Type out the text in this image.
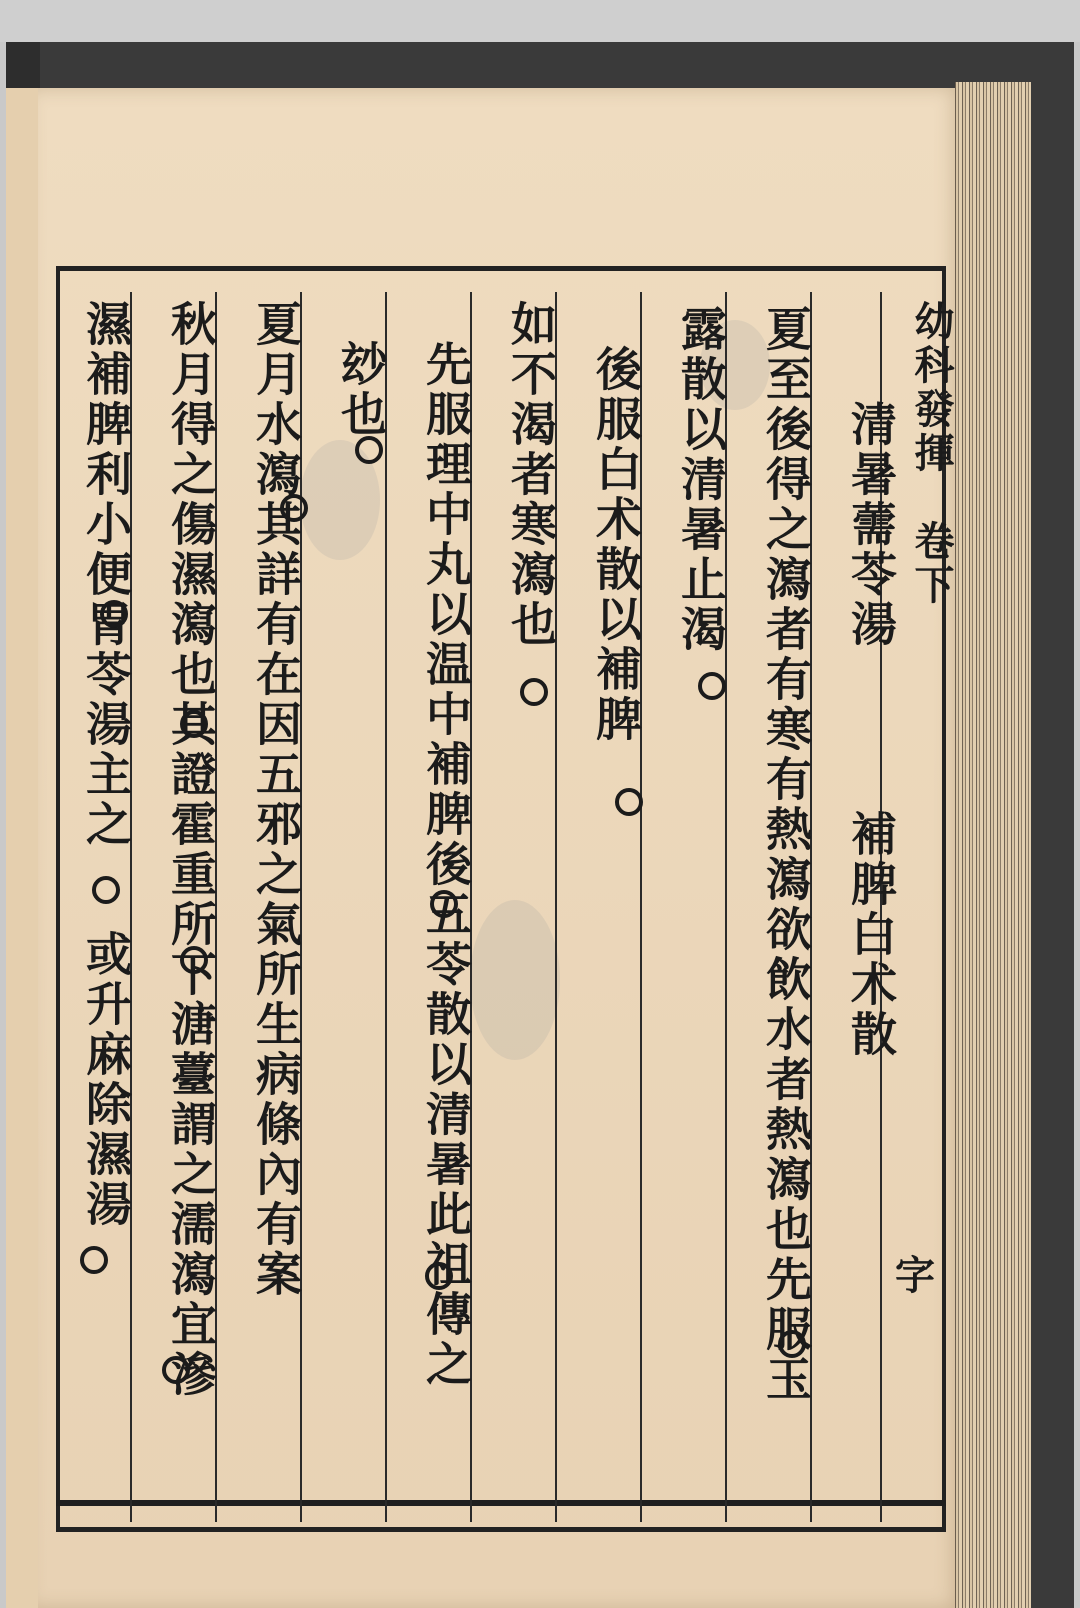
幼科發揮　卷下
清暑薷苓湯
補脾白术散
夏至後得之瀉者有寒有熱瀉欲飲水者熱瀉也先服玉
露散以清暑止渴
後服白术散以補脾
如不渴者寒瀉也
先服理中丸以温中補脾後五苓散以清暑此祖傳之
玅也
夏月水瀉其詳有在因五邪之氣所生病條內有案
秋月得之傷濕瀉也其證霍重所下溏薹謂之濡瀉宜滲
濕補脾利小便胃苓湯主之
或升麻除濕湯
字
